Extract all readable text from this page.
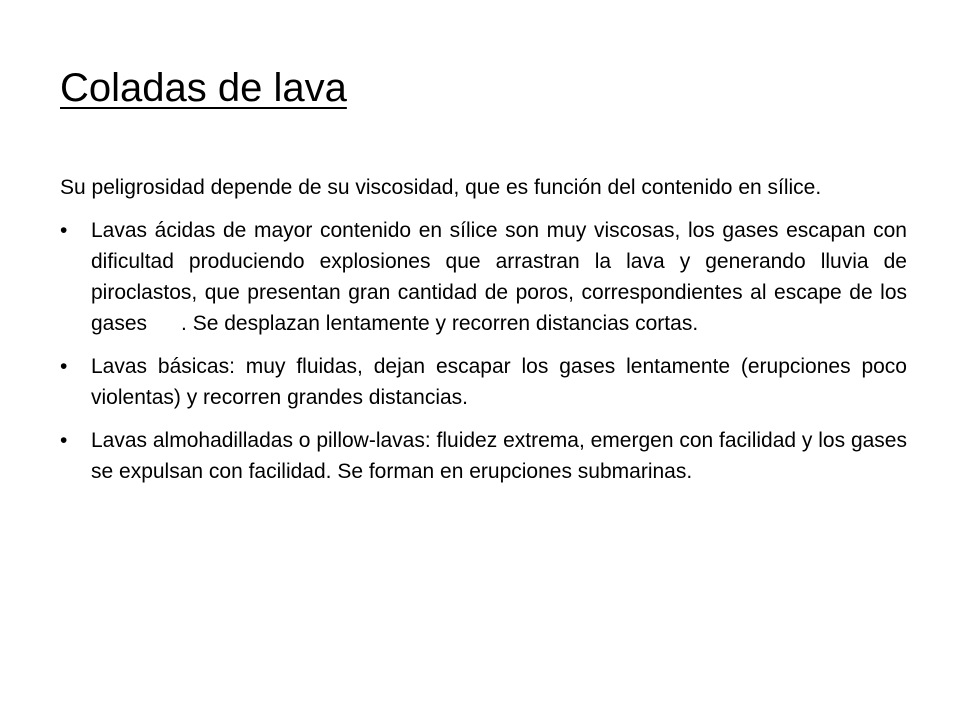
Coladas de lava

Su peligrosidad depende de su viscosidad, que es función del contenido en sílice.

•	Lavas ácidas de mayor contenido en sílice son muy viscosas, los gases escapan con dificultad produciendo explosiones que arrastran la lava y generando lluvia de piroclastos, que presentan gran cantidad de poros, correspondientes al escape de los gases . Se desplazan lentamente y recorren distancias cortas.
•	Lavas básicas: muy fluidas, dejan escapar los gases lentamente (erupciones poco violentas) y recorren grandes distancias.
•	Lavas almohadilladas o pillow-lavas: fluidez extrema, emergen con facilidad y los gases se expulsan con facilidad. Se forman en erupciones submarinas.
